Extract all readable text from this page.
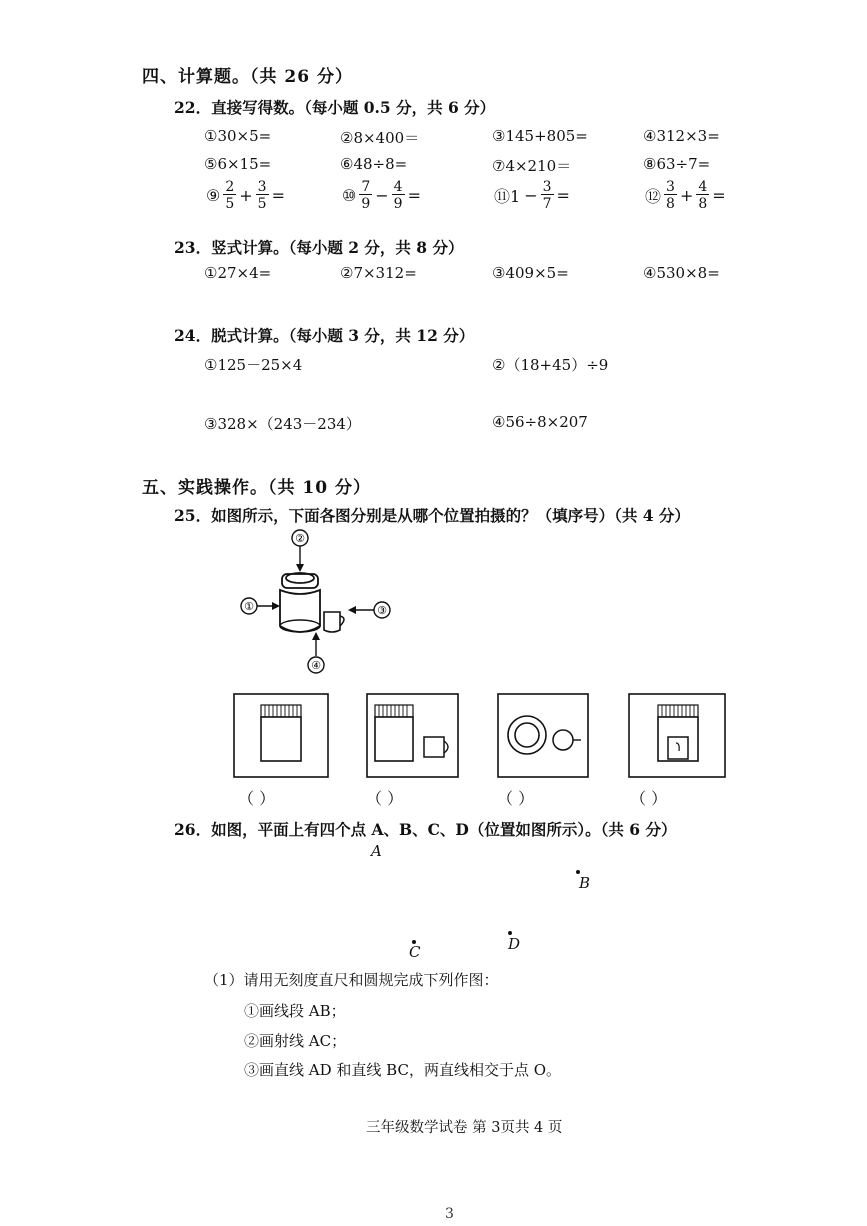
四、计算题。（共 26 分）
22．直接写得数。（每小题 0.5 分，共 6 分）
①30×5=	②8×400＝	③145+805=	④312×3=
⑤6×15=	⑥48÷8=	⑦4×210＝	⑧63÷7=
⑨ $\frac{2}{5} + \frac{3}{5}$ =	⑩ $\frac{7}{9} - \frac{4}{9}$ =	⑪1 − $\frac{3}{7}$ =	⑫ $\frac{3}{8} + \frac{4}{8}$ =
23．竖式计算。（每小题 2 分，共 8 分）
①27×4=	②7×312=	③409×5=	④530×8=
24．脱式计算。（每小题 3 分，共 12 分）
①125－25×4	②（18+45）÷9
③328×（243－234）	④56÷8×207
五、实践操作。（共 10 分）
25．如图所示，下面各图分别是从哪个位置拍摄的？（填序号）（共 4 分）
②
①	③
④
（ ）	（ ）	（ ）	（ ）
26．如图，平面上有四个点 A、B、C、D（位置如图所示）。（共 6 分）
A
B
C	D
（1）请用无刻度直尺和圆规完成下列作图：
①画线段 AB；
②画射线 AC；
③画直线 AD 和直线 BC，两直线相交于点 O。
三年级数学试卷 第 3页共 4 页
3
